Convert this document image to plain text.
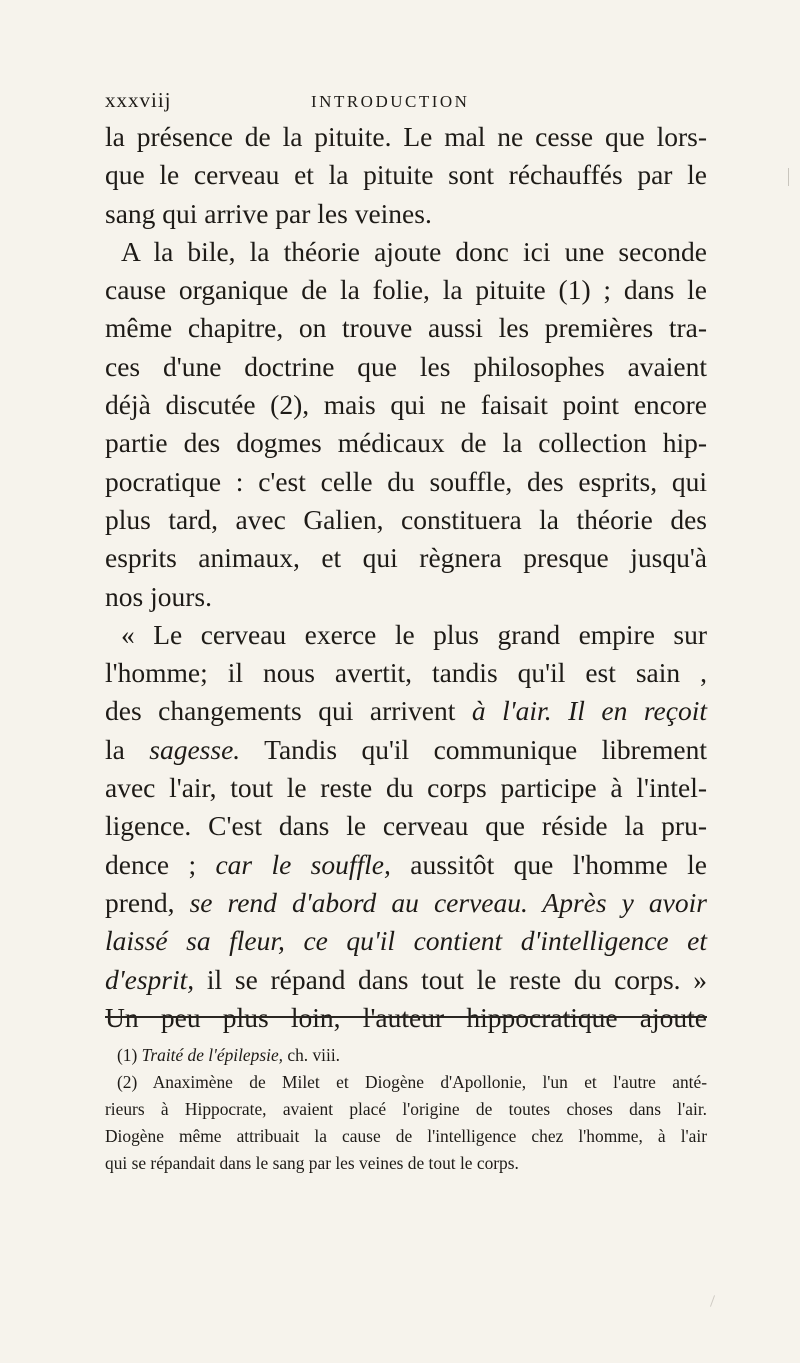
xxxviij	INTRODUCTION
la présence de la pituite. Le mal ne cesse que lors-
que le cerveau et la pituite sont réchauffés par le
sang qui arrive par les veines.
A la bile, la théorie ajoute donc ici une seconde
cause organique de la folie, la pituite (1) ; dans le
même chapitre, on trouve aussi les premières tra-
ces d'une doctrine que les philosophes avaient
déjà discutée (2), mais qui ne faisait point encore
partie des dogmes médicaux de la collection hip-
pocratique : c'est celle du souffle, des esprits, qui
plus tard, avec Galien, constituera la théorie des
esprits animaux, et qui règnera presque jusqu'à
nos jours.
« Le cerveau exerce le plus grand empire sur
l'homme; il nous avertit, tandis qu'il est sain ,
des changements qui arrivent à l'air. Il en reçoit
la sagesse. Tandis qu'il communique librement
avec l'air, tout le reste du corps participe à l'intel-
ligence. C'est dans le cerveau que réside la pru-
dence ; car le souffle, aussitôt que l'homme le
prend, se rend d'abord au cerveau. Après y avoir
laissé sa fleur, ce qu'il contient d'intelligence et
d'esprit, il se répand dans tout le reste du corps. »
Un peu plus loin, l'auteur hippocratique ajoute
(1) Traité de l'épilepsie, ch. viii.
(2) Anaximène de Milet et Diogène d'Apollonie, l'un et l'autre anté-
rieurs à Hippocrate, avaient placé l'origine de toutes choses dans l'air.
Diogène même attribuait la cause de l'intelligence chez l'homme, à l'air
qui se répandait dans le sang par les veines de tout le corps.
